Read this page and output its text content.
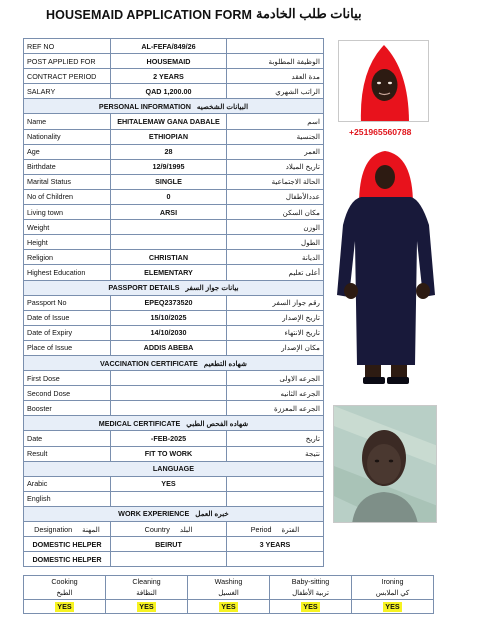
HOUSEMAID APPLICATION FORM بيانات طلب الخادمة
REF NO	AL-FEFA/849/26	
POST APPLIED FOR	HOUSEMAID	الوظيفة المطلوبة
CONTRACT PERIOD	2 YEARS	مدة العقد
SALARY	QAD 1,200.00	الراتب الشهري
PERSONAL INFORMATION البيانات الشخصيه		
Name	EHITALEMAW GANA DABALE	اسم
Nationality	ETHIOPIAN	الجنسية
Age	28	العمر
Birthdate	12/9/1995	تاريخ الميلاد
Marital Status	SINGLE	الحالة الاجتماعية
No of Children	0	عددالأطفال
Living town	ARSI	مكان السكن
Weight		الوزن
Height		الطول
Religion	CHRISTIAN	الديانة
Highest Education	ELEMENTARY	أعلى تعليم
PASSPORT DETAILS بيانات جواز السفر		
Passport No	EPEQ2373520	رقم جواز السفر
Date of Issue	15/10/2025	تاريخ الإصدار
Date of Expiry	14/10/2030	تاريخ الانتهاء
Place of Issue	ADDIS ABEBA	مكان الإصدار
VACCINATION CERTIFICATE شهاده التطعيم		
First Dose		الجرعه الاولى
Second Dose		الجرعه الثانيه
Booster		الجرعه المعززة
MEDICAL CERTIFICATE شهاده الفحص الطبي		
Date	-FEB-2025	تاريخ
Result	FIT TO WORK	نتيجة
LANGUAGE		
Arabic	YES	
English		
WORK EXPERIENCE خبره العمل		
Designation المهنة	Country البلد	Period الفترة
DOMESTIC HELPER	BEIRUT	3 YEARS
DOMESTIC HELPER		
+251965560788
Cooking	Cleaning	Washing	Baby-sitting	Ironing
الطبخ	النظافة	الغسيل	تربية الأطفال	كي الملابس
YES	YES	YES	YES	YES
